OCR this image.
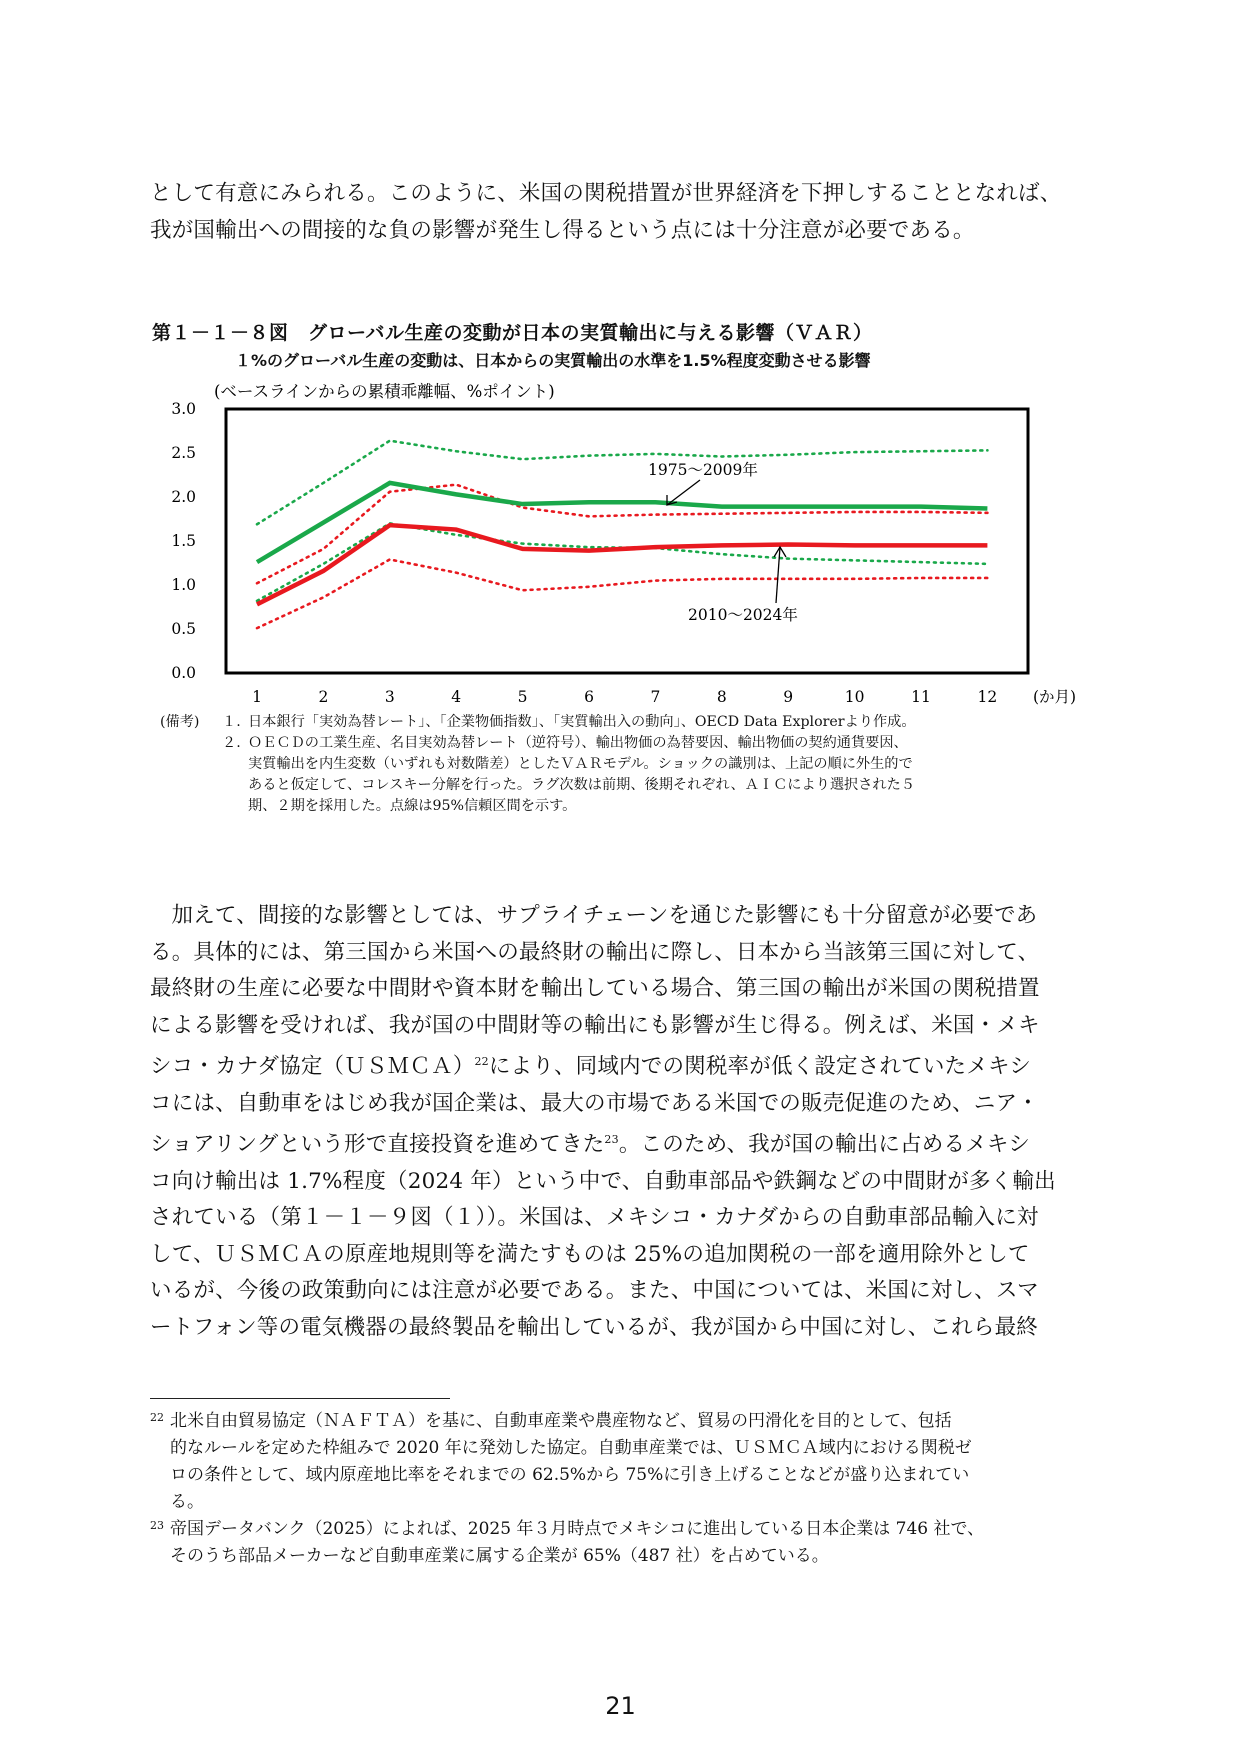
として有意にみられる。このように、米国の関税措置が世界経済を下押しすることとなれば、

我が国輸出への間接的な負の影響が発生し得るという点には十分注意が必要である。

第１－１－８図　グローバル生産の変動が日本の実質輸出に与える影響（ＶＡＲ）
１%のグローバル生産の変動は、日本からの実質輸出の水準を1.5%程度変動させる影響
(ベースラインからの累積乖離幅、%ポイント)
0.0
0.5
1.0
1.5
2.0
2.5
3.0
1	2	3	4	5	6	7	8	9	10	11	12 (か月)
1975～2009年
2010～2024年
(備考)	１. 日本銀行「実効為替レート」、「企業物価指数」、「実質輸出入の動向」、OECD Data Explorerより作成。
２. ＯＥＣＤの工業生産、名目実効為替レート（逆符号）、輸出物価の為替要因、輸出物価の契約通貨要因、
実質輸出を内生変数（いずれも対数階差）としたＶＡＲモデル。ショックの識別は、上記の順に外生的で
あると仮定して、コレスキー分解を行った。ラグ次数は前期、後期それぞれ、ＡＩＣにより選択された５
期、２期を採用した。点線は95%信頼区間を示す。

加えて、間接的な影響としては、サプライチェーンを通じた影響にも十分留意が必要であ

る。具体的には、第三国から米国への最終財の輸出に際し、日本から当該第三国に対して、

最終財の生産に必要な中間財や資本財を輸出している場合、第三国の輸出が米国の関税措置

による影響を受ければ、我が国の中間財等の輸出にも影響が生じ得る。例えば、米国・メキ

シコ・カナダ協定（ＵＳＭＣＡ）$^{22}$により、同域内での関税率が低く設定されていたメキシ

コには、自動車をはじめ我が国企業は、最大の市場である米国での販売促進のため、ニア・

ショアリングという形で直接投資を進めてきた$^{23}$。このため、我が国の輸出に占めるメキシ

コ向け輸出は 1.7%程度（2024 年）という中で、自動車部品や鉄鋼などの中間財が多く輸出

されている（第１－１－９図（１））。米国は、メキシコ・カナダからの自動車部品輸入に対

して、ＵＳＭＣＡの原産地規則等を満たすものは 25%の追加関税の一部を適用除外として

いるが、今後の政策動向には注意が必要である。また、中国については、米国に対し、スマ

ートフォン等の電気機器の最終製品を輸出しているが、我が国から中国に対し、これら最終

22 北米自由貿易協定（ＮＡＦＴＡ）を基に、自動車産業や農産物など、貿易の円滑化を目的として、包括
的なルールを定めた枠組みで 2020 年に発効した協定。自動車産業では、ＵＳＭＣＡ域内における関税ゼ
ロの条件として、域内原産地比率をそれまでの 62.5%から 75%に引き上げることなどが盛り込まれてい
る。
23 帝国データバンク（2025）によれば、2025 年３月時点でメキシコに進出している日本企業は 746 社で、
そのうち部品メーカーなど自動車産業に属する企業が 65%（487 社）を占めている。
21
